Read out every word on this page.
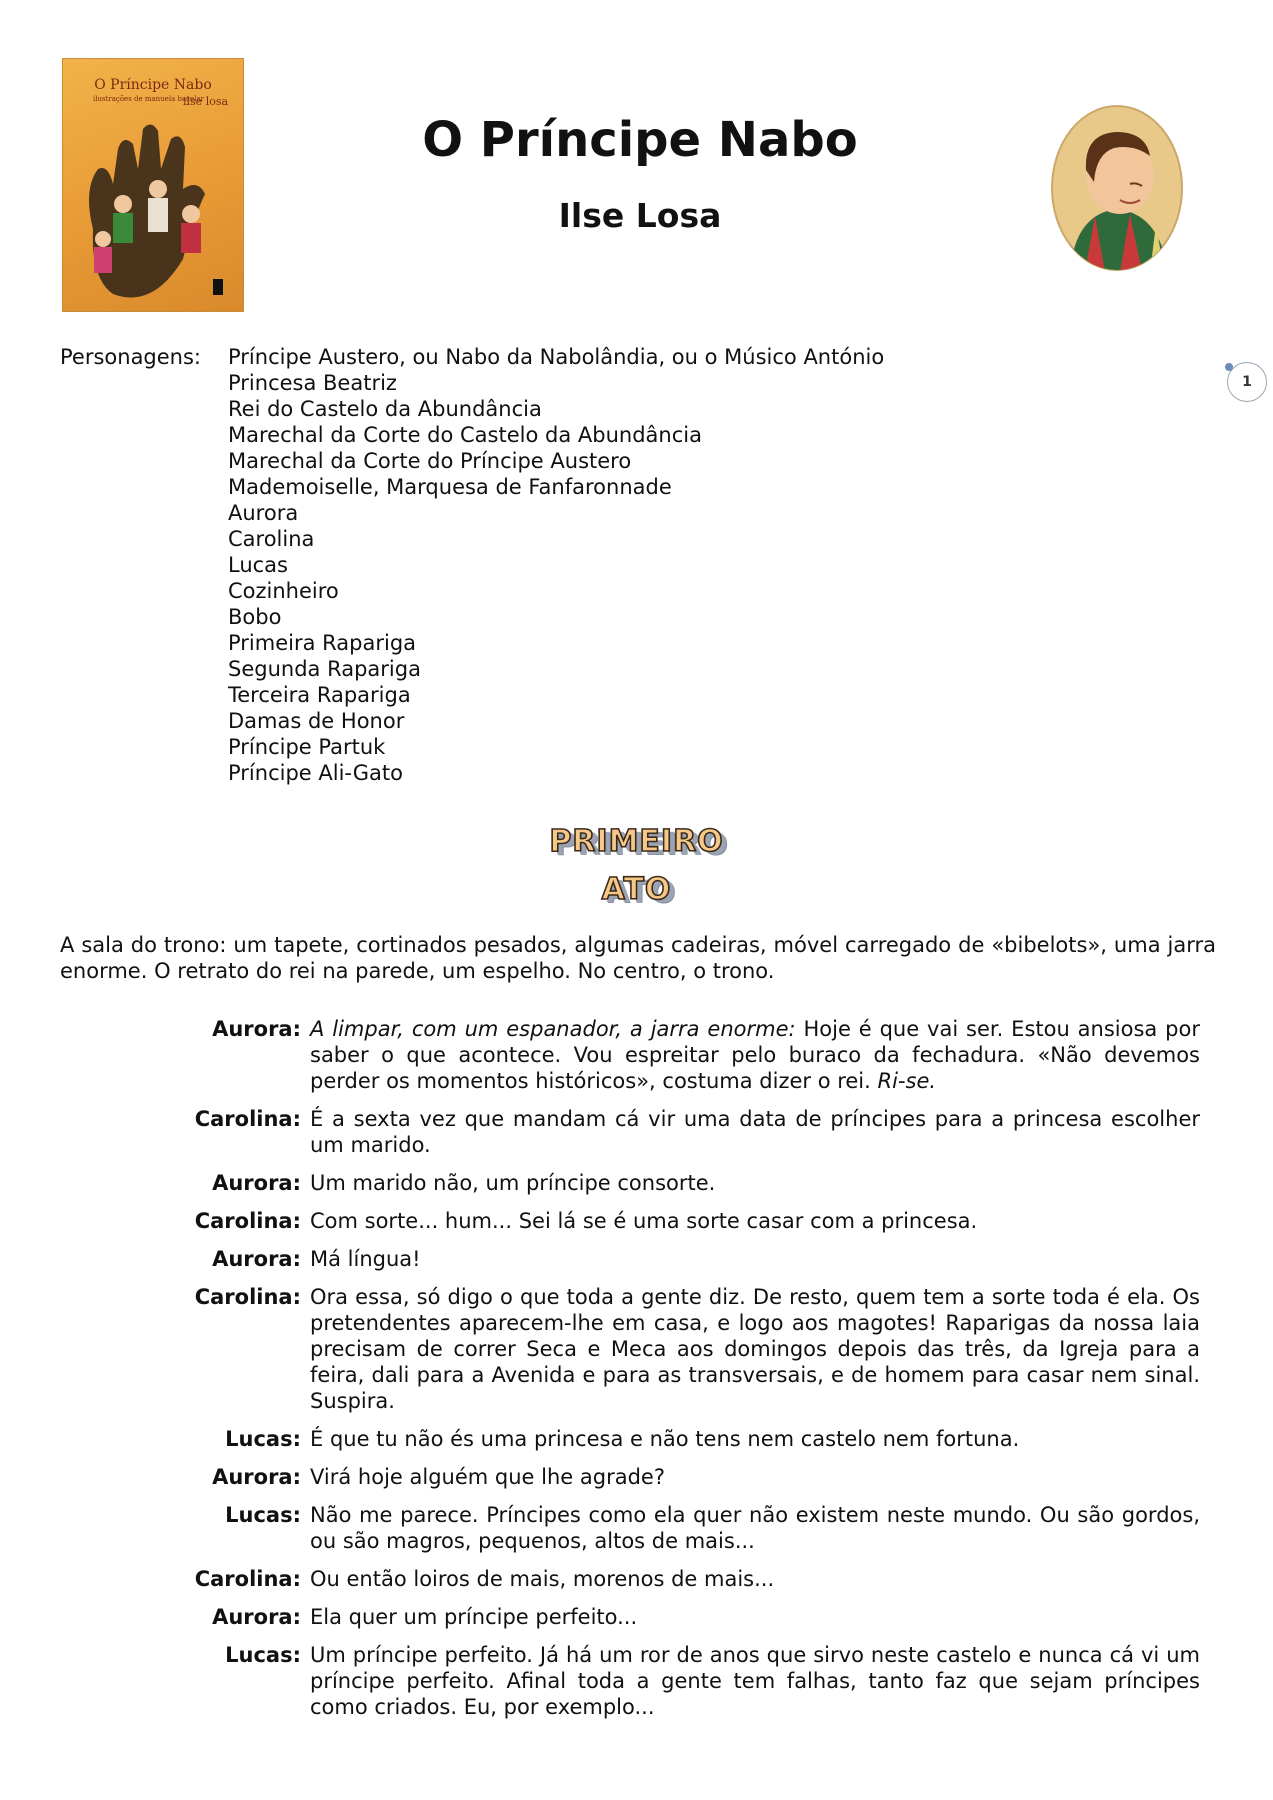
O Príncipe Nabo
ilustrações de manuela bacelar
ilse losa
O Príncipe Nabo
Ilse Losa
1
Personagens: Príncipe Austero, ou Nabo da Nabolândia, ou o Músico António
Princesa Beatriz
Rei do Castelo da Abundância
Marechal da Corte do Castelo da Abundância
Marechal da Corte do Príncipe Austero
Mademoiselle, Marquesa de Fanfaronnade
Aurora
Carolina
Lucas
Cozinheiro
Bobo
Primeira Rapariga
Segunda Rapariga
Terceira Rapariga
Damas de Honor
Príncipe Partuk
Príncipe Ali-Gato
PRIMEIRO
ATO

A sala do trono: um tapete, cortinados pesados, algumas cadeiras, móvel carregado de «bibelots», uma jarra enorme. O retrato do rei na parede, um espelho. No centro, o trono.

Aurora: A limpar, com um espanador, a jarra enorme: Hoje é que vai ser. Estou ansiosa por saber o que acontece. Vou espreitar pelo buraco da fechadura. «Não devemos perder os momentos históricos», costuma dizer o rei. Ri-se.

Carolina: É a sexta vez que mandam cá vir uma data de príncipes para a princesa escolher um marido.

Aurora: Um marido não, um príncipe consorte.

Carolina: Com sorte... hum... Sei lá se é uma sorte casar com a princesa.

Aurora: Má língua!

Carolina: Ora essa, só digo o que toda a gente diz. De resto, quem tem a sorte toda é ela. Os pretendentes aparecem-lhe em casa, e logo aos magotes! Raparigas da nossa laia precisam de correr Seca e Meca aos domingos depois das três, da Igreja para a feira, dali para a Avenida e para as transversais, e de homem para casar nem sinal. Suspira.

Lucas: É que tu não és uma princesa e não tens nem castelo nem fortuna.

Aurora: Virá hoje alguém que lhe agrade?

Lucas: Não me parece. Príncipes como ela quer não existem neste mundo. Ou são gordos, ou são magros, pequenos, altos de mais...

Carolina: Ou então loiros de mais, morenos de mais...

Aurora: Ela quer um príncipe perfeito...

Lucas: Um príncipe perfeito. Já há um ror de anos que sirvo neste castelo e nunca cá vi um príncipe perfeito. Afinal toda a gente tem falhas, tanto faz que sejam príncipes como criados. Eu, por exemplo...
